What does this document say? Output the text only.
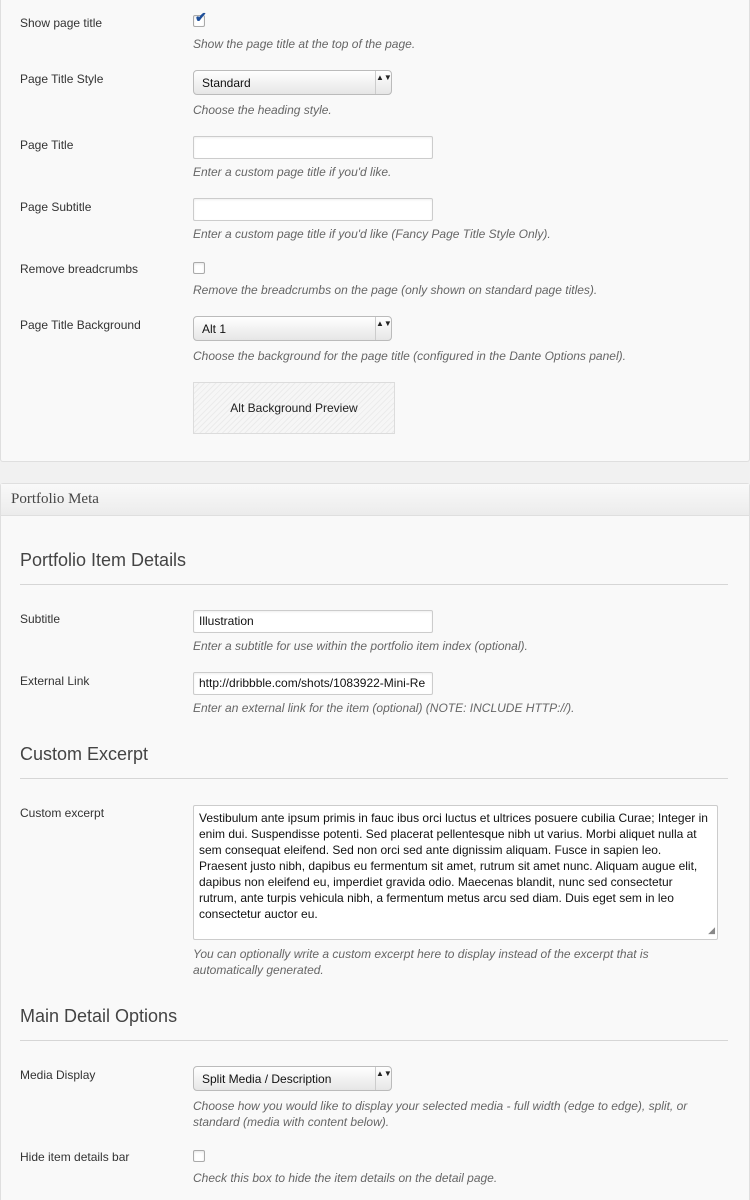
Show page title	✔
Show the page title at the top of the page.
Page Title Style	Standard	▲▼
Choose the heading style.
Page Title
Enter a custom page title if you'd like.
Page Subtitle
Enter a custom page title if you'd like (Fancy Page Title Style Only).
Remove breadcrumbs
Remove the breadcrumbs on the page (only shown on standard page titles).
Page Title Background	Alt 1	▲▼
Choose the background for the page title (configured in the Dante Options panel).
Alt Background Preview
Portfolio Meta
Portfolio Item Details
Subtitle	Illustration
Enter a subtitle for use within the portfolio item index (optional).
External Link	http://dribbble.com/shots/1083922-Mini-Re
Enter an external link for the item (optional) (NOTE: INCLUDE HTTP://).
Custom Excerpt
Custom excerpt	Vestibulum ante ipsum primis in fauc ibus orci luctus et ultrices posuere cubilia Curae; Integer in enim dui. Suspendisse potenti. Sed placerat pellentesque nibh ut varius. Morbi aliquet nulla at sem consequat eleifend. Sed non orci sed ante dignissim aliquam. Fusce in sapien leo. Praesent justo nibh, dapibus eu fermentum sit amet, rutrum sit amet nunc. Aliquam augue elit, dapibus non eleifend eu, imperdiet gravida odio. Maecenas blandit, nunc sed consectetur rutrum, ante turpis vehicula nibh, a fermentum metus arcu sed diam. Duis eget sem in leo consectetur auctor eu.
◢
You can optionally write a custom excerpt here to display instead of the excerpt that is automatically generated.
Main Detail Options
Media Display	Split Media / Description	▲▼
Choose how you would like to display your selected media - full width (edge to edge), split, or standard (media with content below).
Hide item details bar
Check this box to hide the item details on the detail page.
